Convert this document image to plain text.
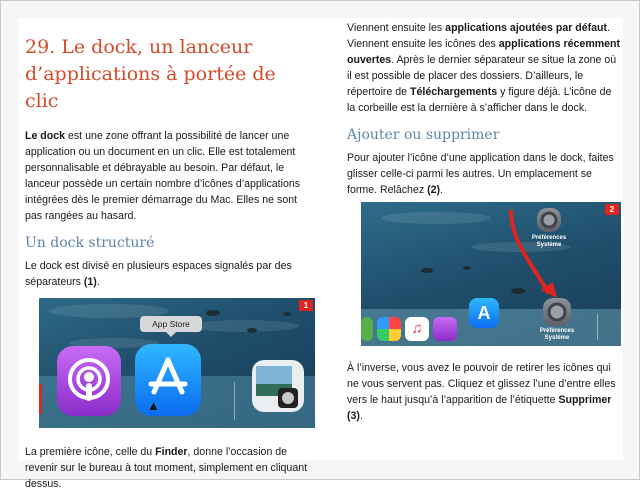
29. Le dock, un lanceur d’applications à portée de clic

Le dock est une zone offrant la possibilité de lancer une application ou un document en un clic. Elle est totalement personnalisable et débrayable au besoin. Par défaut, le lanceur possède un certain nombre d’icônes d’applications intégrées dès le premier démarrage du Mac. Elles ne sont pas rangées au hasard.

Un dock structuré

Le dock est divisé en plusieurs espaces signalés par des séparateurs (1).

1
App Store
▲

La première icône, celle du Finder, donne l’occasion de revenir sur le bureau à tout moment, simplement en cliquant dessus.

Viennent ensuite les applications ajoutées par défaut. Viennent ensuite les icônes des applications récemment ouvertes. Après le dernier séparateur se situe la zone où il est possible de placer des dossiers. D’ailleurs, le répertoire de Téléchargements y figure déjà. L’icône de la corbeille est la dernière à s’afficher dans le dock.

Ajouter ou supprimer

Pour ajouter l’icône d’une application dans le dock, faites glisser celle-ci parmi les autres. Un emplacement se forme. Relâchez (2).

2
Préférences
Système
♫
A
Préférences
Système

À l’inverse, vous avez le pouvoir de retirer les icônes qui ne vous servent pas. Cliquez et glissez l’une d’entre elles vers le haut jusqu’à l’apparition de l’étiquette Supprimer (3).
